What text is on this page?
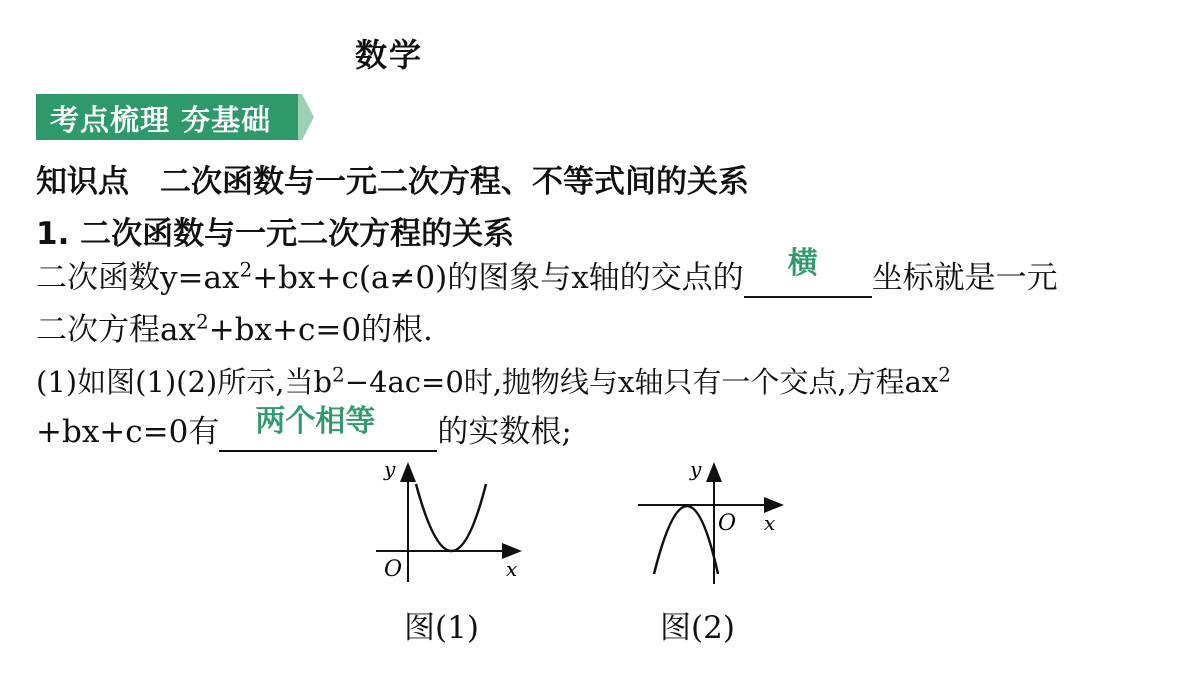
数学
考点梳理 夯基础
知识点　二次函数与一元二次方程、不等式间的关系
1. 二次函数与一元二次方程的关系
二次函数$y=ax^2+bx+c(a\ne 0)$的图象与x轴的交点的 横 坐标就是一元
二次方程$ax^2+bx+c=0$的根.
(1)如图(1)(2)所示,当$b^2-4ac=0$时,抛物线与x轴只有一个交点,方程$ax^2$
+bx+c=0有 两个相等 的实数根;
y
x
O
图(1)
y
x
O
图(2)
